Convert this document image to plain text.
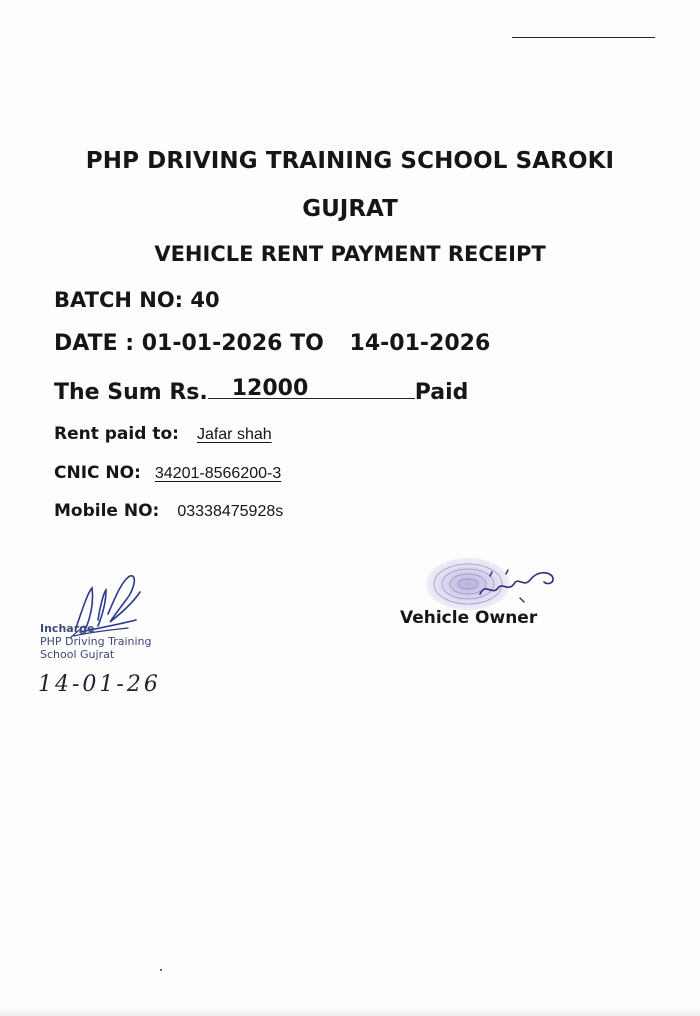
PHP DRIVING TRAINING SCHOOL SAROKI
GUJRAT
VEHICLE RENT PAYMENT RECEIPT
BATCH NO: 40
DATE : 01-01-2026 TO 14-01-2026
The Sum Rs. 12000	Paid
Rent paid to: Jafar shah
CNIC NO: 34201-8566200-3
Mobile NO: 03338475928s
Incharge
PHP Driving Training
School Gujrat
14-01-26
Vehicle Owner
